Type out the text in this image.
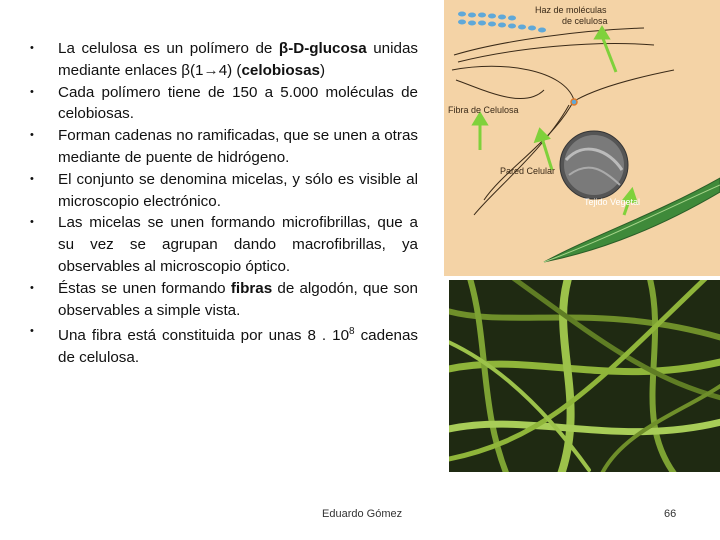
• La celulosa es un polímero de β-D-glucosa unidas mediante enlaces β(1→4) (celobiosas)
• Cada polímero tiene de 150 a 5.000 moléculas de celobiosas.
• Forman cadenas no ramificadas, que se unen a otras mediante de puente de hidrógeno.
• El conjunto se denomina micelas, y sólo es visible al microscopio electrónico.
• Las micelas se unen formando microfibrillas, que a su vez se agrupan dando macrofibrillas, ya observables al microscopio óptico.
• Éstas se unen formando fibras de algodón, que son observables a simple vista.
• Una fibra está constituida por unas 8 . $10^8$ cadenas de celulosa.
Haz de moléculas
de celulosa
Fibra de Celulosa
Pared Celular
Tejido Vegetal
Eduardo Gómez	66
